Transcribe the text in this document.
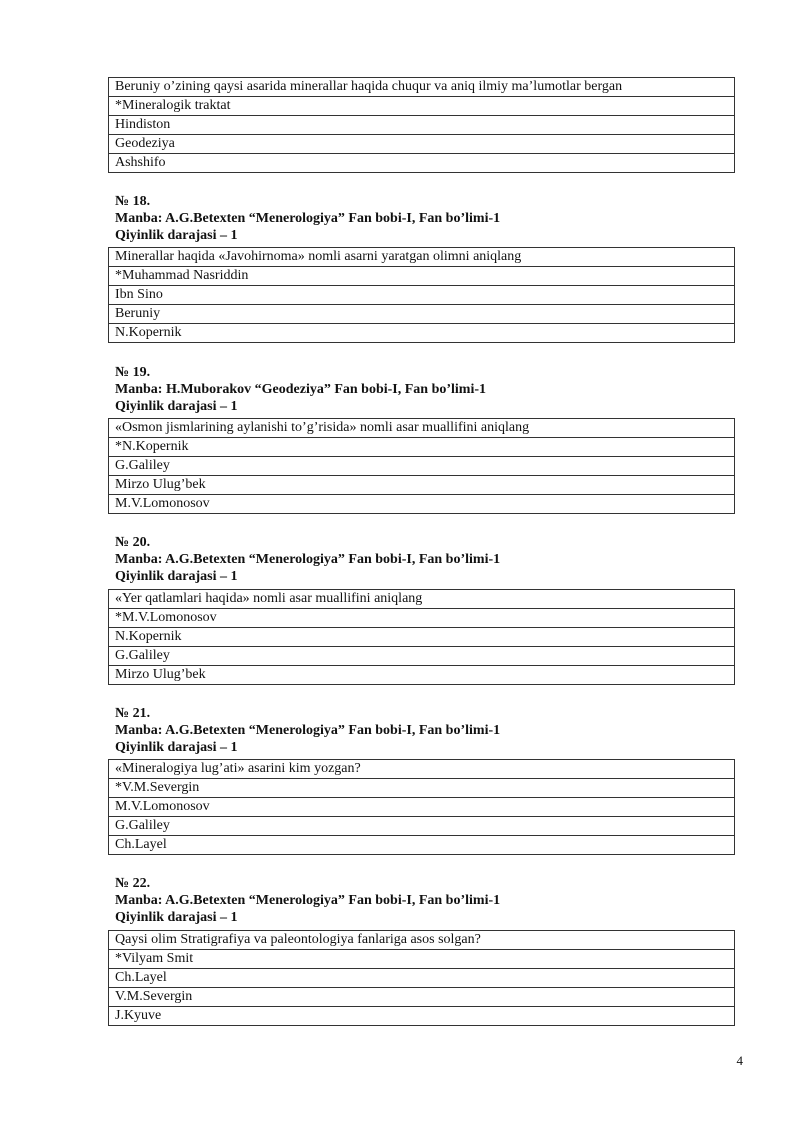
Beruniy o’zining qaysi asarida minerallar haqida chuqur va aniq ilmiy ma’lumotlar bergan
*Mineralogik traktat
Hindiston
Geodeziya
Ashshifo
№ 18.
Manba: A.G.Betexten “Menerologiya” Fan bobi-I, Fan bo’limi-1
Qiyinlik darajasi – 1
Minerallar haqida «Javohirnoma» nomli asarni yaratgan olimni aniqlang
*Muhammad Nasriddin
Ibn Sino
Beruniy
N.Kopernik
№ 19.
Manba: H.Muborakov “Geodeziya” Fan bobi-I, Fan bo’limi-1
Qiyinlik darajasi – 1
«Osmon jismlarining aylanishi to’g’risida» nomli asar muallifini aniqlang
*N.Kopernik
G.Galiley
Mirzo Ulug’bek
M.V.Lomonosov
№ 20.
Manba: A.G.Betexten “Menerologiya” Fan bobi-I, Fan bo’limi-1
Qiyinlik darajasi – 1
«Yer qatlamlari haqida» nomli asar muallifini aniqlang
*M.V.Lomonosov
N.Kopernik
G.Galiley
Mirzo Ulug’bek
№ 21.
Manba: A.G.Betexten “Menerologiya” Fan bobi-I, Fan bo’limi-1
Qiyinlik darajasi – 1
«Mineralogiya lug’ati» asarini kim yozgan?
*V.M.Severgin
M.V.Lomonosov
G.Galiley
Ch.Layel
№ 22.
Manba: A.G.Betexten “Menerologiya” Fan bobi-I, Fan bo’limi-1
Qiyinlik darajasi – 1
Qaysi olim Stratigrafiya va paleontologiya fanlariga asos solgan?
*Vilyam Smit
Ch.Layel
V.M.Severgin
J.Kyuve
4
